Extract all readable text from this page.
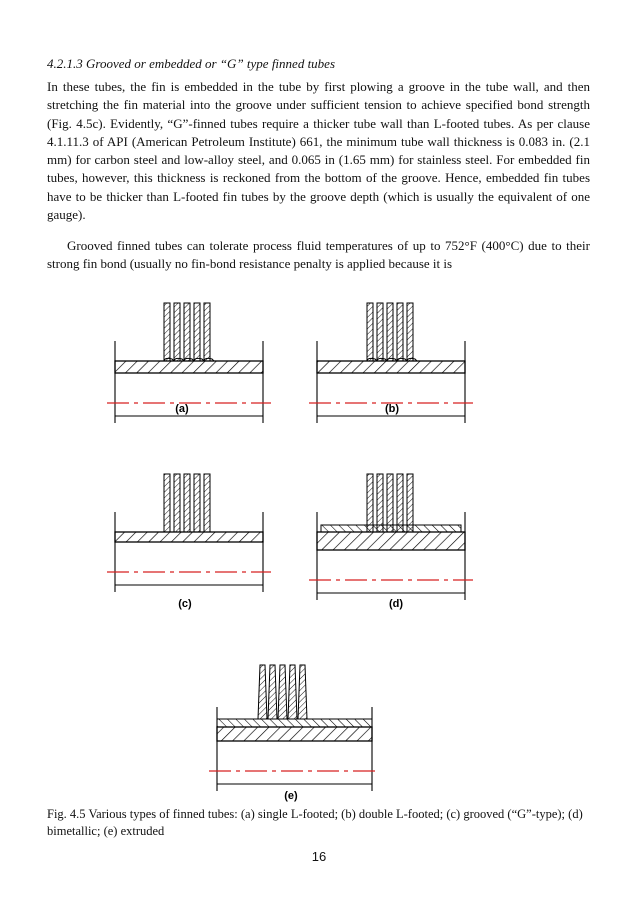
4.2.1.3 Grooved or embedded or “G” type finned tubes

In these tubes, the fin is embedded in the tube by first plowing a groove in the tube wall, and then stretching the fin material into the groove under sufficient tension to achieve specified bond strength (Fig. 4.5c). Evidently, “G”-finned tubes require a thicker tube wall than L-footed tubes. As per clause 4.1.11.3 of API (American Petroleum Institute) 661, the minimum tube wall thickness is 0.083 in. (2.1 mm) for carbon steel and low-alloy steel, and 0.065 in (1.65 mm) for stainless steel. For embedded fin tubes, however, this thickness is reckoned from the bottom of the groove. Hence, embedded fin tubes have to be thicker than L-footed fin tubes by the groove depth (which is usually the equivalent of one gauge).

Grooved finned tubes can tolerate process fluid temperatures of up to 752°F (400°C) due to their strong fin bond (usually no fin-bond resistance penalty is applied because it is

(a)	(b)
(c)	(d)
(e)

Fig. 4.5 Various types of finned tubes: (a) single L-footed; (b) double L-footed; (c) grooved (“G”-type); (d) bimetallic; (e) extruded

16
